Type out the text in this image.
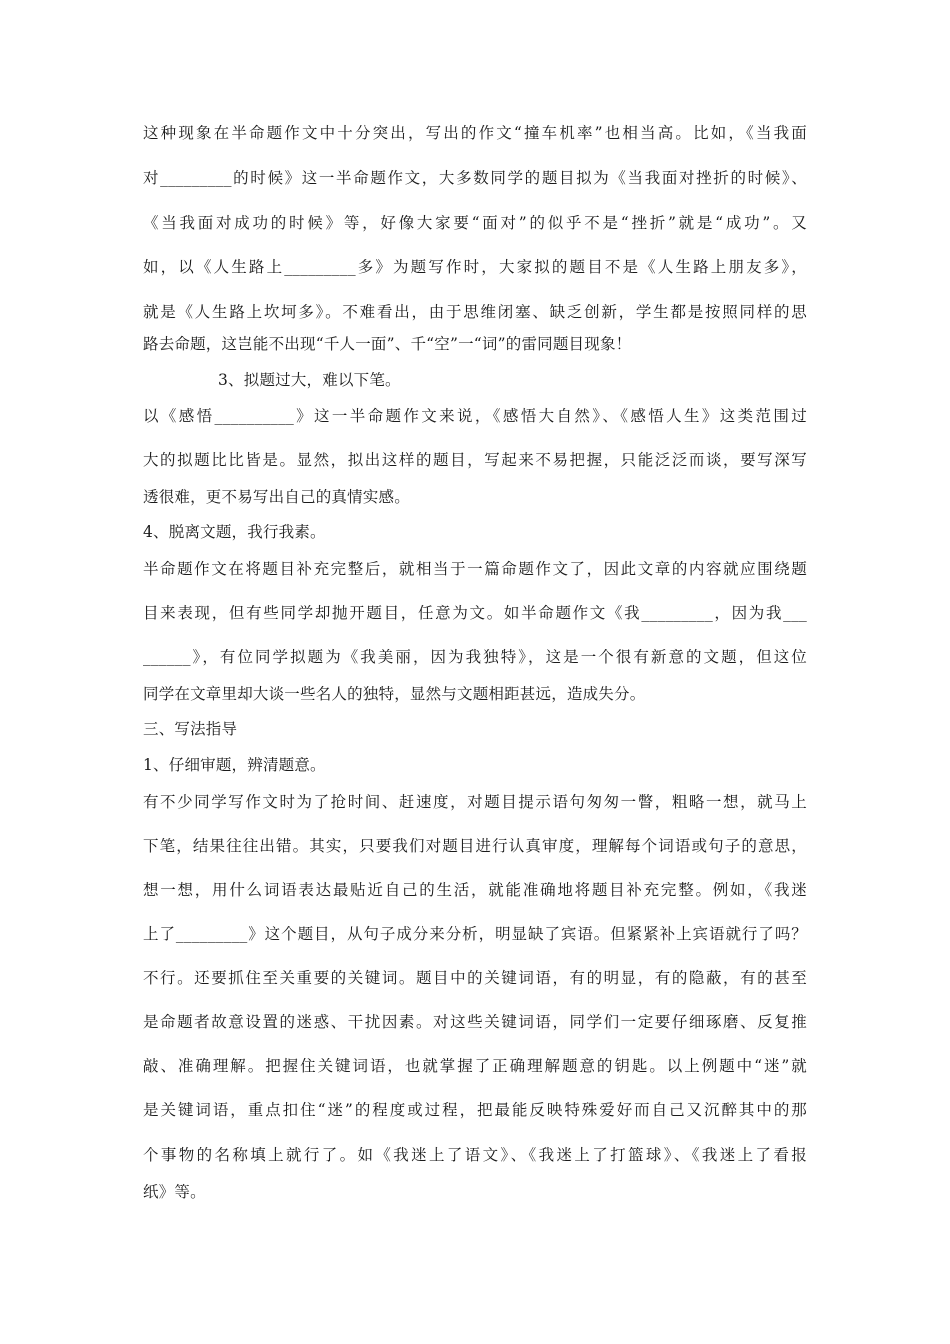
这种现象在半命题作文中十分突出，写出的作文“撞车机率”也相当高。比如，《当我面
对_________的时候》这一半命题作文，大多数同学的题目拟为《当我面对挫折的时候》、
《当我面对成功的时候》等，好像大家要“面对”的似乎不是“挫折”就是“成功”。又
如，以《人生路上_________多》为题写作时，大家拟的题目不是《人生路上朋友多》，
就是《人生路上坎坷多》。不难看出，由于思维闭塞、缺乏创新，学生都是按照同样的思
路去命题，这岂能不出现“千人一面”、千“空”一“词”的雷同题目现象！
3、拟题过大，难以下笔。
以《感悟__________》这一半命题作文来说，《感悟大自然》、《感悟人生》这类范围过
大的拟题比比皆是。显然，拟出这样的题目，写起来不易把握，只能泛泛而谈，要写深写
透很难，更不易写出自己的真情实感。
4、脱离文题，我行我素。
半命题作文在将题目补充完整后，就相当于一篇命题作文了，因此文章的内容就应围绕题
目来表现，但有些同学却抛开题目，任意为文。如半命题作文《我_________，因为我___
______》，有位同学拟题为《我美丽，因为我独特》，这是一个很有新意的文题，但这位
同学在文章里却大谈一些名人的独特，显然与文题相距甚远，造成失分。
三、写法指导
1、仔细审题，辨清题意。
有不少同学写作文时为了抢时间、赶速度，对题目提示语句匆匆一瞥，粗略一想，就马上
下笔，结果往往出错。其实，只要我们对题目进行认真审度，理解每个词语或句子的意思，
想一想，用什么词语表达最贴近自己的生活，就能准确地将题目补充完整。例如，《我迷
上了_________》这个题目，从句子成分来分析，明显缺了宾语。但紧紧补上宾语就行了吗？
不行。还要抓住至关重要的关键词。题目中的关键词语，有的明显，有的隐蔽，有的甚至
是命题者故意设置的迷惑、干扰因素。对这些关键词语，同学们一定要仔细琢磨、反复推
敲、准确理解。把握住关键词语，也就掌握了正确理解题意的钥匙。以上例题中“迷”就
是关键词语，重点扣住“迷”的程度或过程，把最能反映特殊爱好而自己又沉醉其中的那
个事物的名称填上就行了。如《我迷上了语文》、《我迷上了打篮球》、《我迷上了看报
纸》等。
